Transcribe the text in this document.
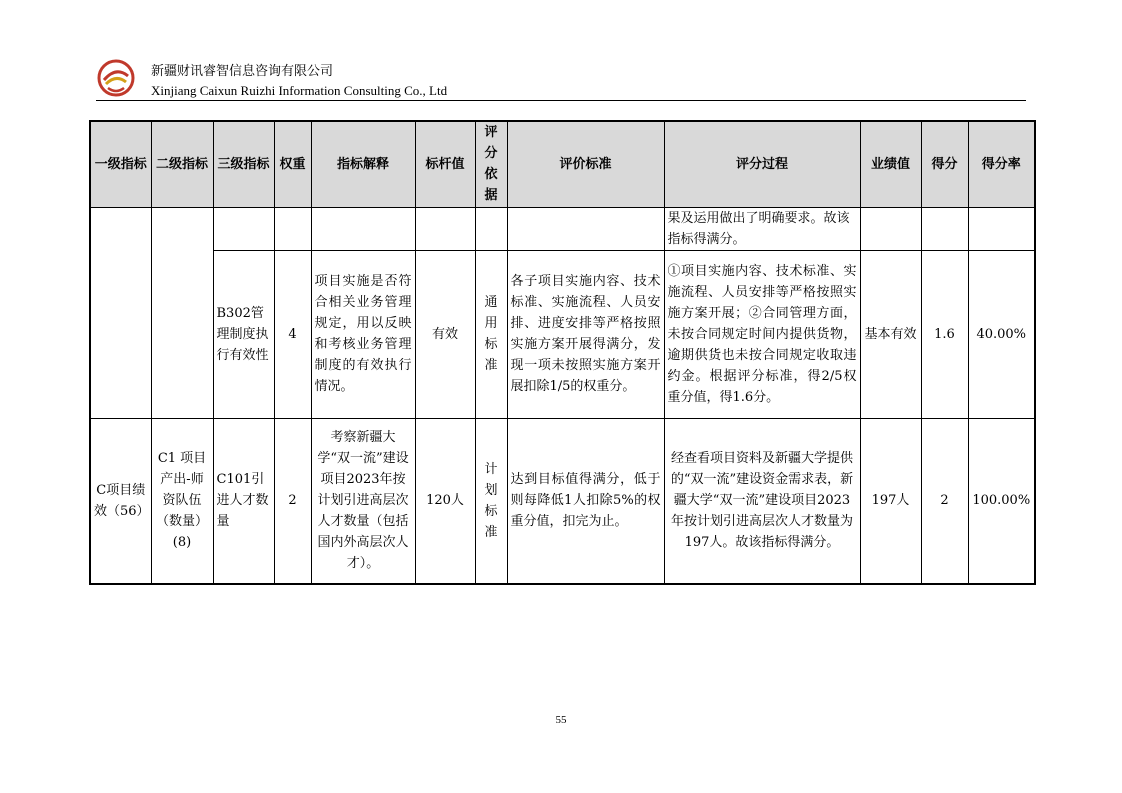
新疆财讯睿智信息咨询有限公司
Xinjiang Caixun Ruizhi Information Consulting Co., Ltd
一级指标	二级指标	三级指标	权重	指标解释	标杆值	评分依据	评价标准	评分过程	业绩值	得分	得分率
								果及运用做出了明确要求。故该指标得满分。			
		B302管理制度执行有效性	4	项目实施是否符合相关业务管理规定，用以反映和考核业务管理制度的有效执行情况。	有效	通用标准	各子项目实施内容、技术标准、实施流程、人员安排、进度安排等严格按照实施方案开展得满分，发现一项未按照实施方案开展扣除1/5的权重分。	①项目实施内容、技术标准、实施流程、人员安排等严格按照实施方案开展；②合同管理方面，未按合同规定时间内提供货物，逾期供货也未按合同规定收取违约金。根据评分标准，得2/5权重分值，得1.6分。	基本有效	1.6	40.00%
C项目绩效（56）	C1 项目产出-师资队伍（数量）(8)	C101引进人才数量	2	考察新疆大学“双一流”建设项目2023年按计划引进高层次人才数量（包括国内外高层次人才）。	120人	计划标准	达到目标值得满分，低于则每降低1人扣除5%的权重分值，扣完为止。	经查看项目资料及新疆大学提供的“双一流”建设资金需求表，新疆大学“双一流”建设项目2023年按计划引进高层次人才数量为197人。故该指标得满分。	197人	2	100.00%
55
